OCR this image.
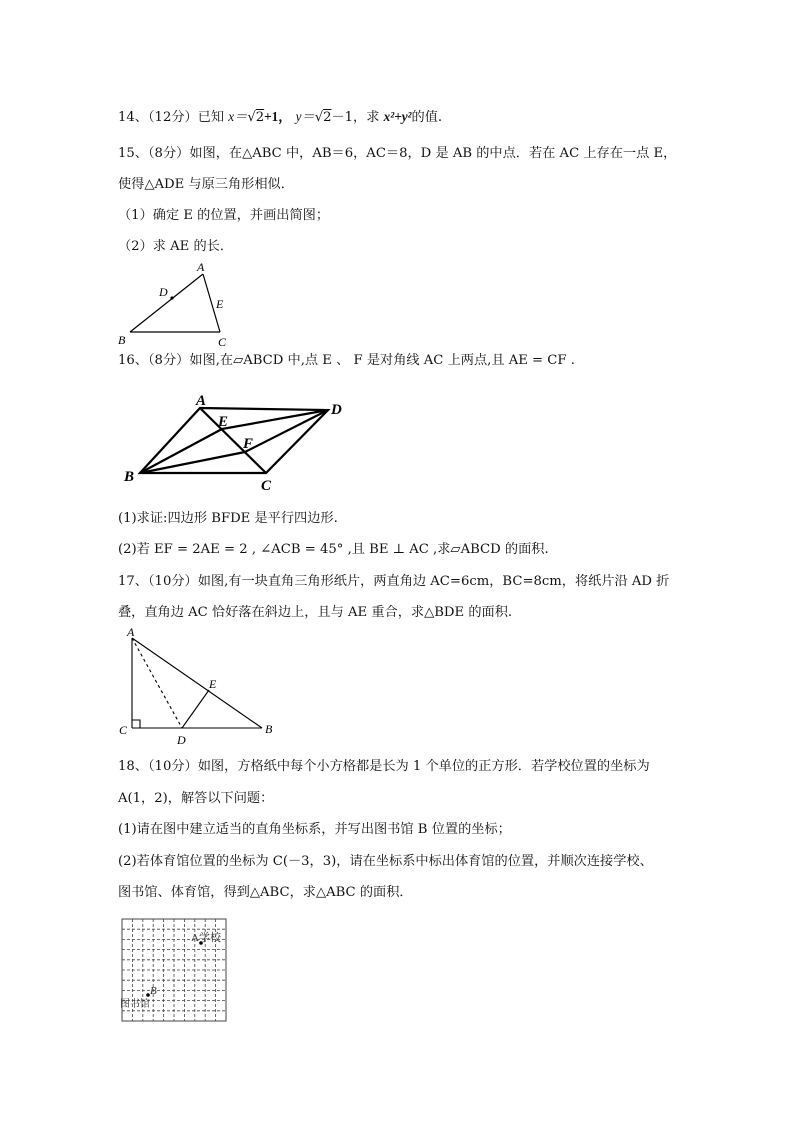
14、（12分）已知 x＝√2+1， y＝√2－1，求 x²+y²的值.
15、（8分）如图，在△ABC 中，AB＝6，AC＝8，D 是 AB 的中点．若在 AC 上存在一点 E，
使得△ADE 与原三角形相似．
（1）确定 E 的位置，并画出简图；
（2）求 AE 的长．
A
D
E
B	C
16、（8分）如图,在▱ABCD 中,点 E 、 F 是对角线 AC 上两点,且 AE = CF .
A
E
D
F
B
C
(1)求证:四边形 BFDE 是平行四边形.
(2)若 EF = 2AE = 2 , ∠ACB = 45° ,且 BE ⊥ AC ,求▱ABCD 的面积.
17、（10分）如图,有一块直角三角形纸片，两直角边 AC=6cm，BC=8cm，将纸片沿 AD 折
叠，直角边 AC 恰好落在斜边上，且与 AE 重合，求△BDE 的面积.
A
E
C
D
B
18、（10分）如图，方格纸中每个小方格都是长为 1 个单位的正方形．若学校位置的坐标为
A(1，2)，解答以下问题：
(1)请在图中建立适当的直角坐标系，并写出图书馆 B 位置的坐标；
(2)若体育馆位置的坐标为 C(－3，3)，请在坐标系中标出体育馆的位置，并顺次连接学校、
图书馆、体育馆，得到△ABC，求△ABC 的面积．
A学校
B
图书馆
